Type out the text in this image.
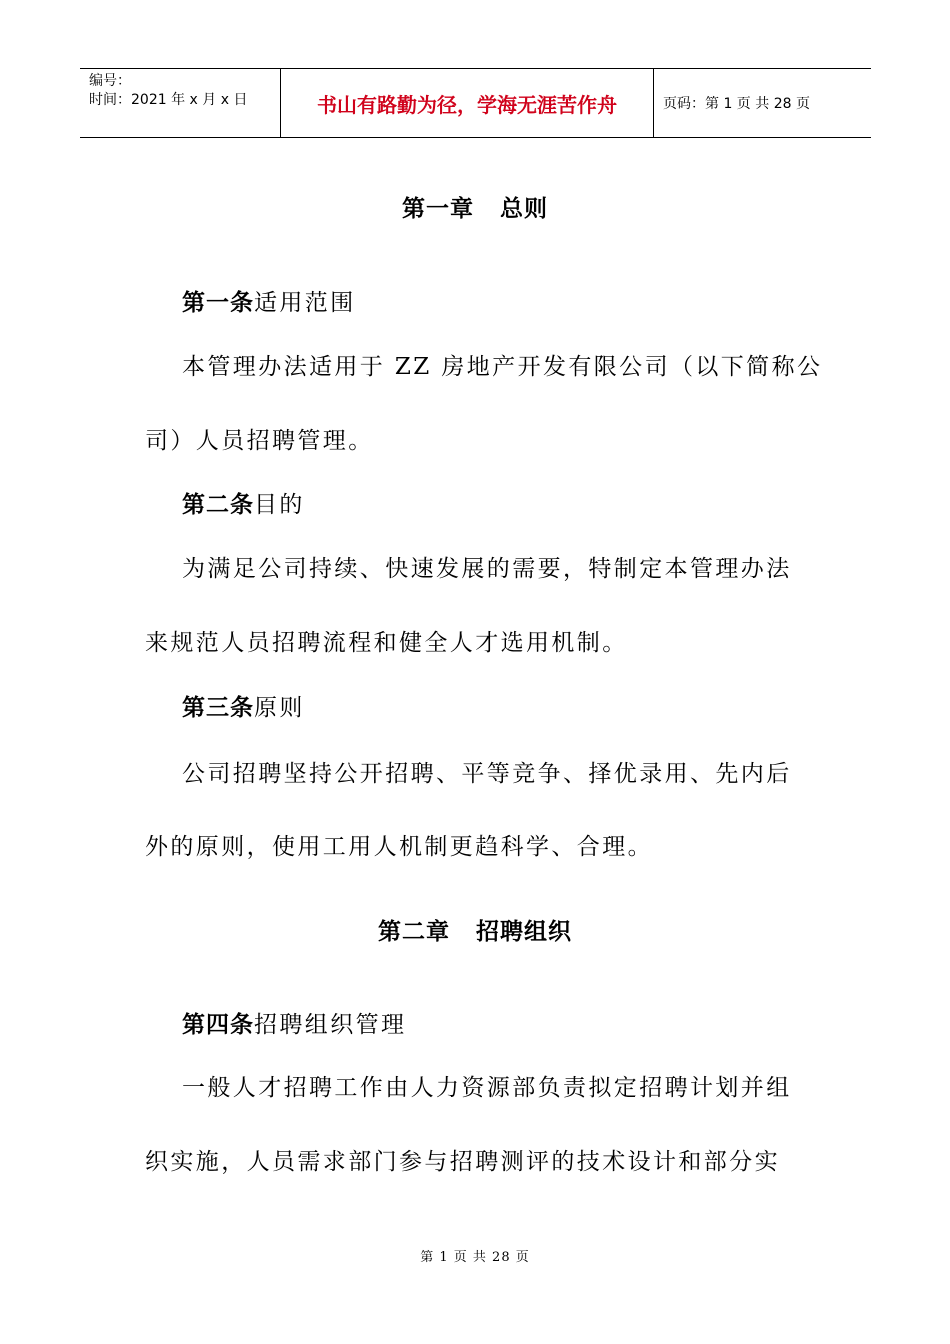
编号：
时间：2021 年 x 月 x 日	书山有路勤为径，学海无涯苦作舟	页码：第 1 页 共 28 页
第一章 总则
第一条适用范围
本管理办法适用于 ZZ 房地产开发有限公司（以下简称公
司）人员招聘管理。
第二条目的
为满足公司持续、快速发展的需要，特制定本管理办法
来规范人员招聘流程和健全人才选用机制。
第三条原则
公司招聘坚持公开招聘、平等竞争、择优录用、先内后
外的原则，使用工用人机制更趋科学、合理。
第二章 招聘组织
第四条招聘组织管理
一般人才招聘工作由人力资源部负责拟定招聘计划并组
织实施，人员需求部门参与招聘测评的技术设计和部分实
第 1 页 共 28 页
